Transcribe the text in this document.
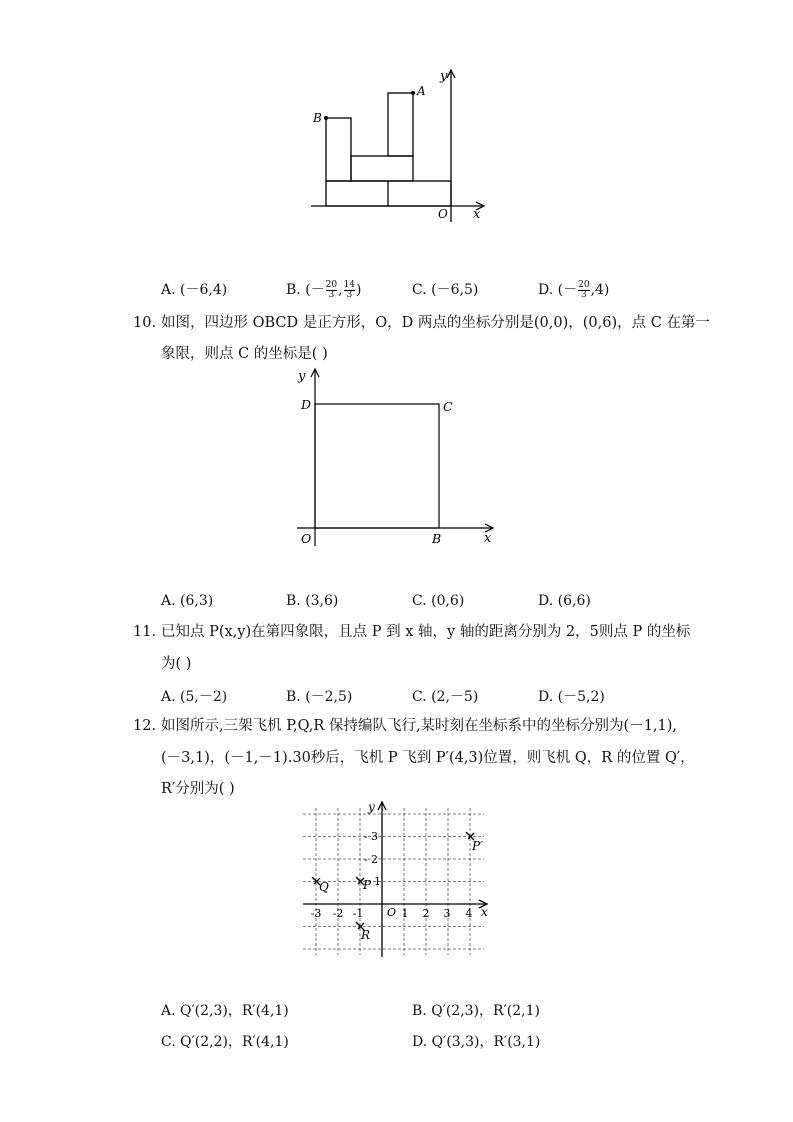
A
B
y
x
O
A. (－6,4)	B. (－ $\frac{20}{3}$ , $\frac{14}{3}$ )	C. (－6,5)	D. (－ $\frac{20}{3} ,4$)
10. 如图，四边形 OBCD 是正方形，O，D 两点的坐标分别是(0,0)，(0,6)，点 C 在第一
象限，则点 C 的坐标是( )
y
x
D	C
O	B
A. (6,3)	B. (3,6)	C. (0,6)	D. (6,6)
11. 已知点 P(x,y)在第四象限，且点 P 到 x 轴，y 轴的距离分别为 2，5则点 P 的坐标
为( )
A. (5,－2)	B. (－2,5)	C. (2,－5)	D. (－5,2)
12. 如图所示,三架飞机 P,Q,R 保持编队飞行,某时刻在坐标系中的坐标分别为(－1,1),
(－3,1)，(－1,－1).30秒后，飞机 P 飞到 P′(4,3)位置，则飞机 Q，R 的位置 Q′，
R′分别为( )
y
x
O
-3 -2 -1	1 2 3 4
- 3
- 2
1
Q	P
R
P′
A. Q′(2,3)，R′(4,1)	B. Q′(2,3)，R′(2,1)
C. Q′(2,2)，R′(4,1)	D. Q′(3,3)，R′(3,1)
